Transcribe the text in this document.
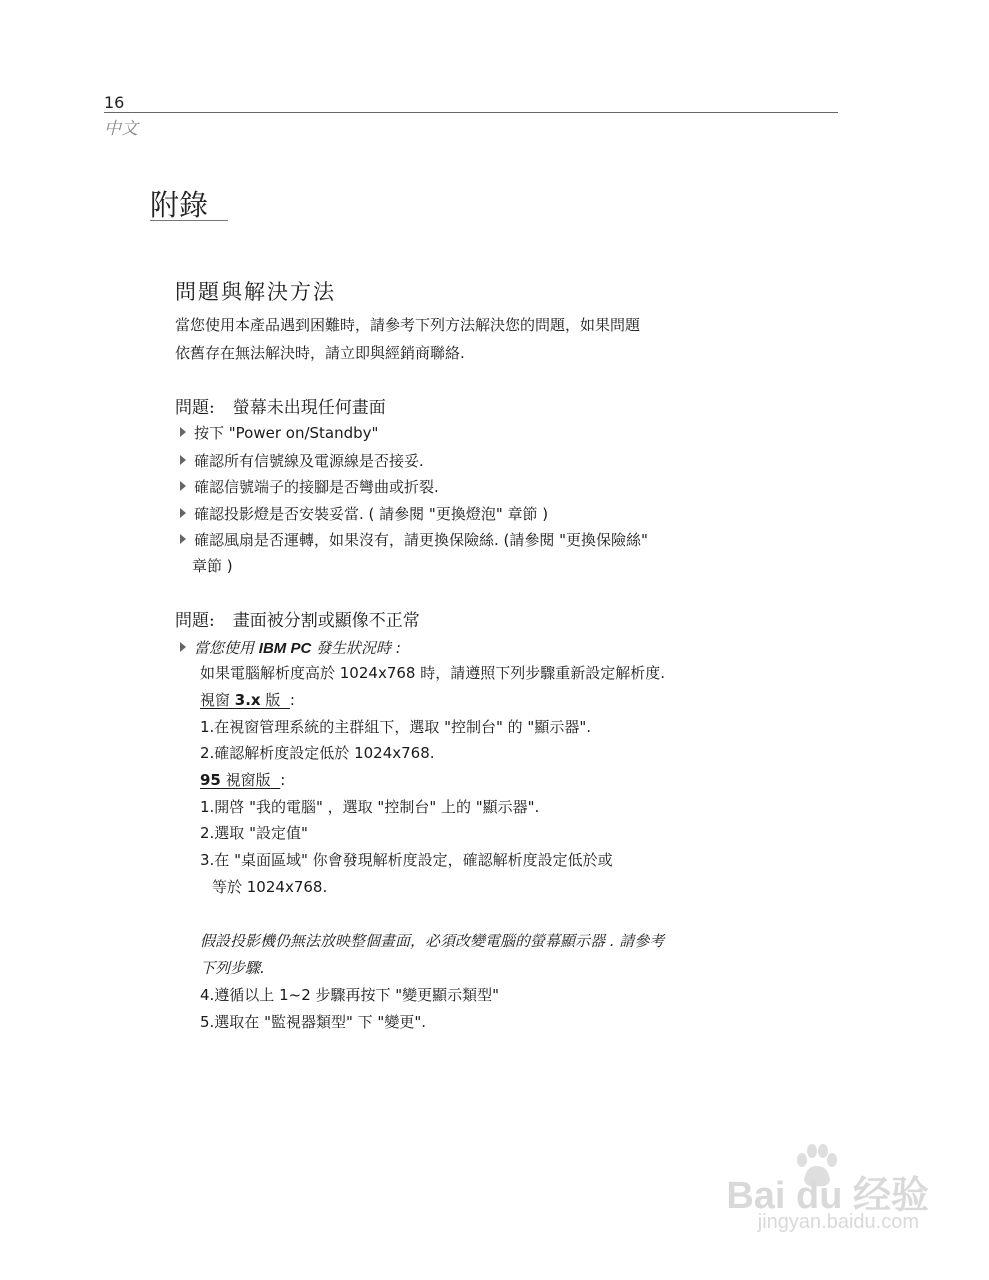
16
中文
附錄
問題與解決方法
當您使用本產品遇到困難時，請參考下列方法解決您的問題，如果問題
依舊存在無法解決時，請立即與經銷商聯絡.
問題: 螢幕未出現任何畫面
按下 "Power on/Standby"
確認所有信號線及電源線是否接妥.
確認信號端子的接腳是否彎曲或折裂.
確認投影燈是否安裝妥當. ( 請參閱 "更換燈泡" 章節 )
確認風扇是否運轉，如果沒有，請更換保險絲. (請參閱 "更換保險絲"
章節 )
問題: 畫面被分割或顯像不正常
當您使用 IBM PC 發生狀況時 :
如果電腦解析度高於 1024x768 時，請遵照下列步驟重新設定解析度.
視窗 3.x 版 :
1.在視窗管理系統的主群組下，選取 "控制台" 的 "顯示器".
2.確認解析度設定低於 1024x768.
95 視窗版 :
1.開啓 "我的電腦" ，選取 "控制台" 上的 "顯示器".
2.選取 "設定值"
3.在 "桌面區域" 你會發現解析度設定，確認解析度設定低於或
等於 1024x768.
假設投影機仍無法放映整個畫面，必須改變電腦的螢幕顯示器 . 請參考
下列步驟.
4.遵循以上 1~2 步驟再按下 "變更顯示類型"
5.選取在 "監視器類型" 下 "變更".
Bai du 经验
jingyan.baidu.com
